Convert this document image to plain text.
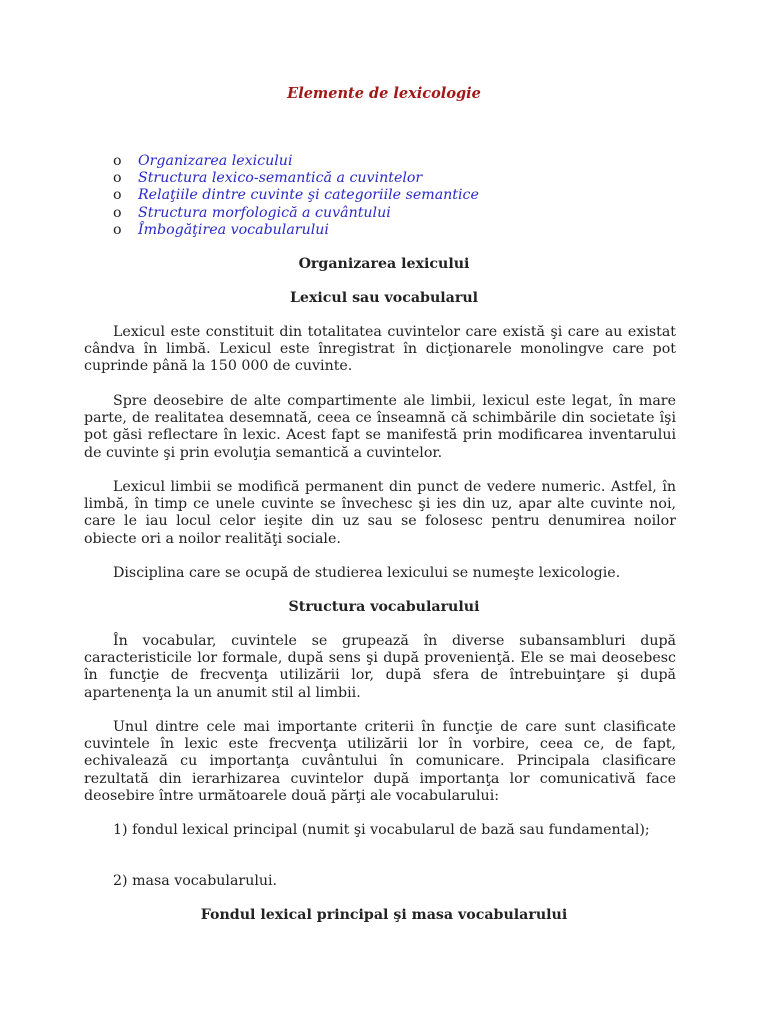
Elemente de lexicologie
o Organizarea lexicului
o Structura lexico-semantică a cuvintelor
o Relaţiile dintre cuvinte şi categoriile semantice
o Structura morfologică a cuvântului
o Îmbogăţirea vocabularului
Organizarea lexicului
Lexicul sau vocabularul

Lexicul este constituit din totalitatea cuvintelor care există şi care au existat cândva în limbă. Lexicul este înregistrat în dicţionarele monolingve care pot cuprinde până la 150 000 de cuvinte.

Spre deosebire de alte compartimente ale limbii, lexicul este legat, în mare parte, de realitatea desemnată, ceea ce înseamnă că schimbările din societate îşi pot găsi reflectare în lexic. Acest fapt se manifestă prin modificarea inventarului de cuvinte şi prin evoluţia semantică a cuvintelor.

Lexicul limbii se modifică permanent din punct de vedere numeric. Astfel, în limbă, în timp ce unele cuvinte se învechesc şi ies din uz, apar alte cuvinte noi, care le iau locul celor ieşite din uz sau se folosesc pentru denumirea noilor obiecte ori a noilor realităţi sociale.

Disciplina care se ocupă de studierea lexicului se numeşte lexicologie.

Structura vocabularului

În vocabular, cuvintele se grupează în diverse subansambluri după caracteristicile lor formale, după sens şi după provenienţă. Ele se mai deosebesc în funcţie de frecvenţa utilizării lor, după sfera de întrebuinţare şi după apartenenţa la un anumit stil al limbii.

Unul dintre cele mai importante criterii în funcţie de care sunt clasificate cuvintele în lexic este frecvenţa utilizării lor în vorbire, ceea ce, de fapt, echivalează cu importanţa cuvântului în comunicare. Principala clasificare rezultată din ierarhizarea cuvintelor după importanţa lor comunicativă face deosebire între următoarele două părţi ale vocabularului:

1) fondul lexical principal (numit şi vocabularul de bază sau fundamental);

2) masa vocabularului.

Fondul lexical principal şi masa vocabularului
